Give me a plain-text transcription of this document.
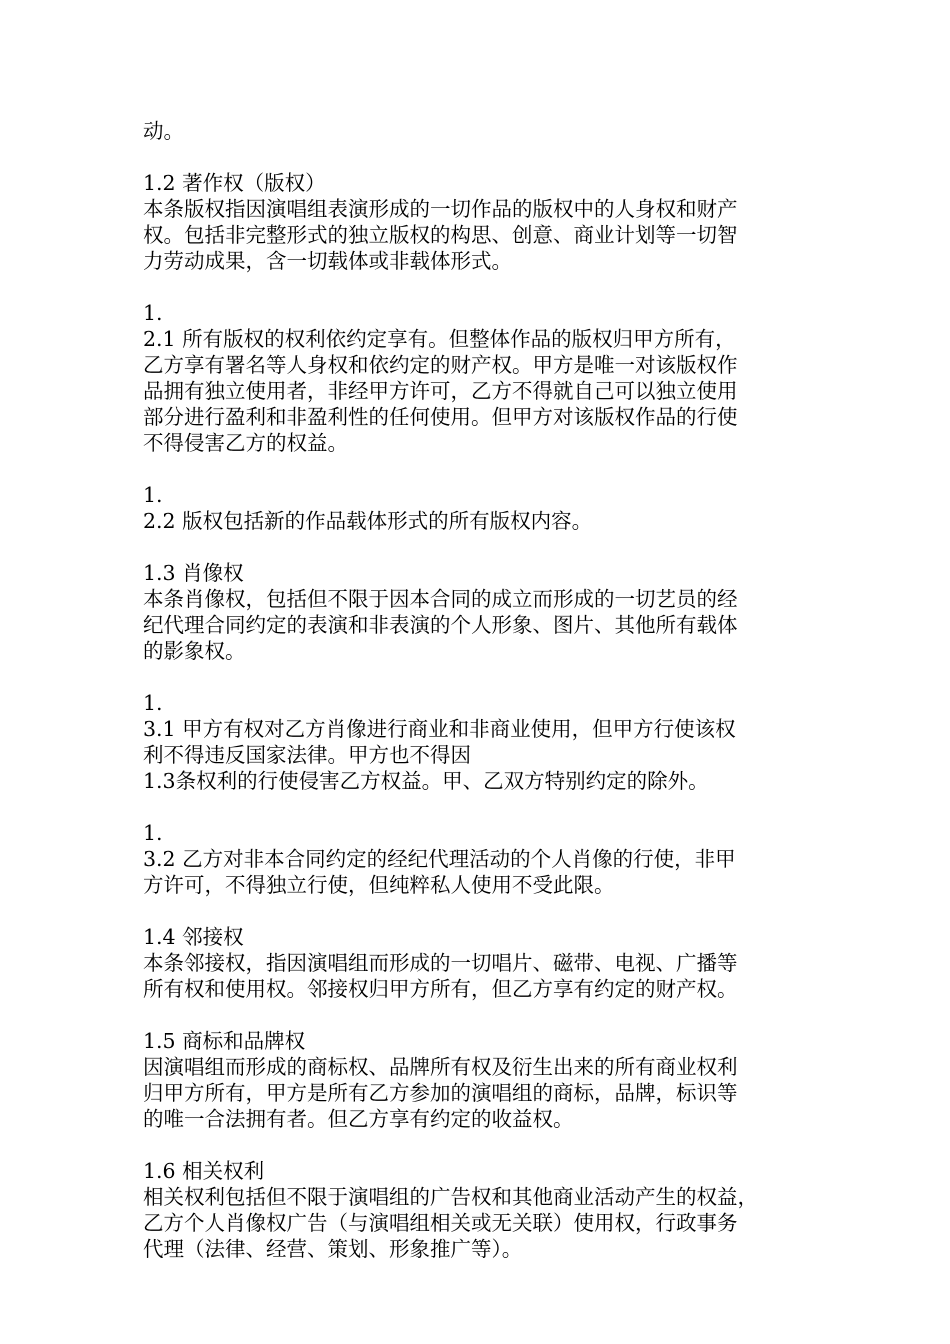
动。
1.2 著作权（版权）
本条版权指因演唱组表演形成的一切作品的版权中的人身权和财产
权。包括非完整形式的独立版权的构思、创意、商业计划等一切智
力劳动成果，含一切载体或非载体形式。
1.
2.1 所有版权的权利依约定享有。但整体作品的版权归甲方所有，
乙方享有署名等人身权和依约定的财产权。甲方是唯一对该版权作
品拥有独立使用者，非经甲方许可，乙方不得就自己可以独立使用
部分进行盈利和非盈利性的任何使用。但甲方对该版权作品的行使
不得侵害乙方的权益。
1.
2.2 版权包括新的作品载体形式的所有版权内容。
1.3 肖像权
本条肖像权，包括但不限于因本合同的成立而形成的一切艺员的经
纪代理合同约定的表演和非表演的个人形象、图片、其他所有载体
的影象权。
1.
3.1 甲方有权对乙方肖像进行商业和非商业使用，但甲方行使该权
利不得违反国家法律。甲方也不得因
1.3条权利的行使侵害乙方权益。甲、乙双方特别约定的除外。
1.
3.2 乙方对非本合同约定的经纪代理活动的个人肖像的行使，非甲
方许可，不得独立行使，但纯粹私人使用不受此限。
1.4 邻接权
本条邻接权，指因演唱组而形成的一切唱片、磁带、电视、广播等
所有权和使用权。邻接权归甲方所有，但乙方享有约定的财产权。
1.5 商标和品牌权
因演唱组而形成的商标权、品牌所有权及衍生出来的所有商业权利
归甲方所有，甲方是所有乙方参加的演唱组的商标，品牌，标识等
的唯一合法拥有者。但乙方享有约定的收益权。
1.6 相关权利
相关权利包括但不限于演唱组的广告权和其他商业活动产生的权益，
乙方个人肖像权广告（与演唱组相关或无关联）使用权，行政事务
代理（法律、经营、策划、形象推广等）。
